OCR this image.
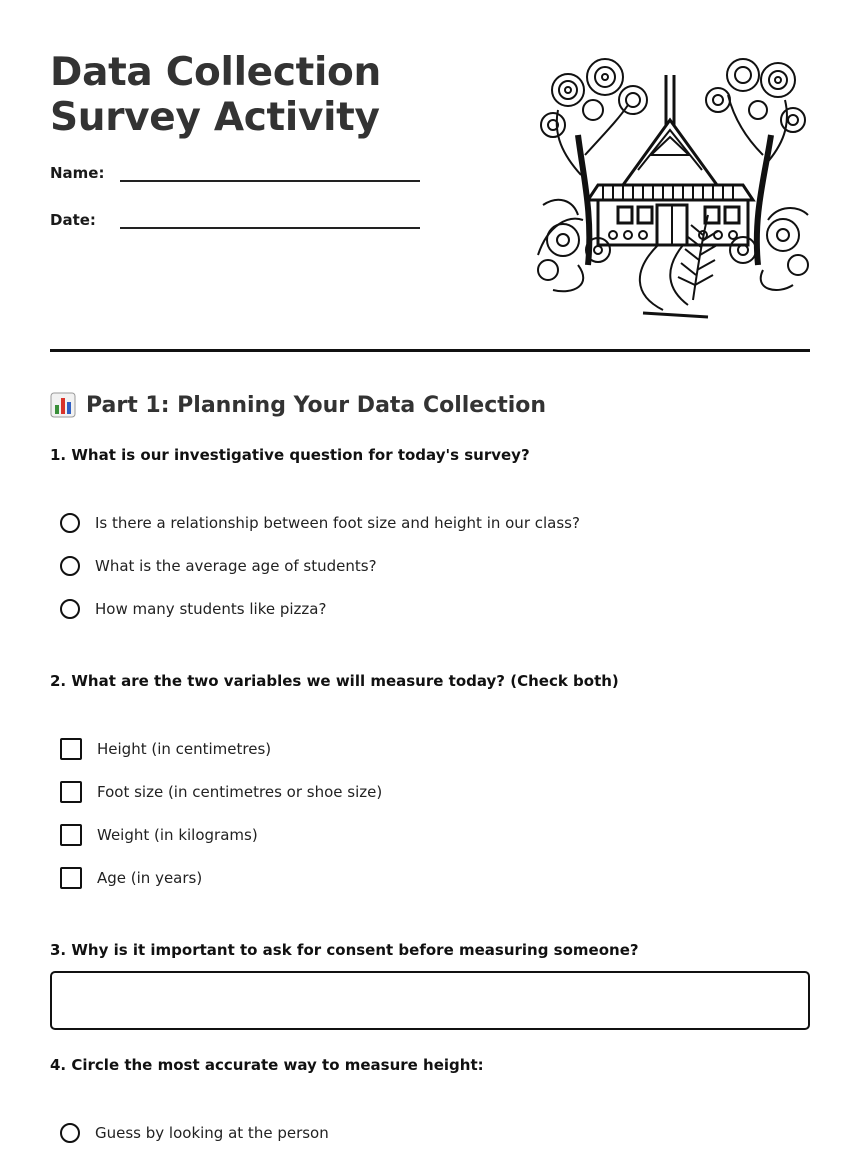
Data Collection Survey Activity
Name:
Date:
Part 1: Planning Your Data Collection
1. What is our investigative question for today's survey?
Is there a relationship between foot size and height in our class?
What is the average age of students?
How many students like pizza?
2. What are the two variables we will measure today? (Check both)
Height (in centimetres)
Foot size (in centimetres or shoe size)
Weight (in kilograms)
Age (in years)
3. Why is it important to ask for consent before measuring someone?
4. Circle the most accurate way to measure height:
Guess by looking at the person
